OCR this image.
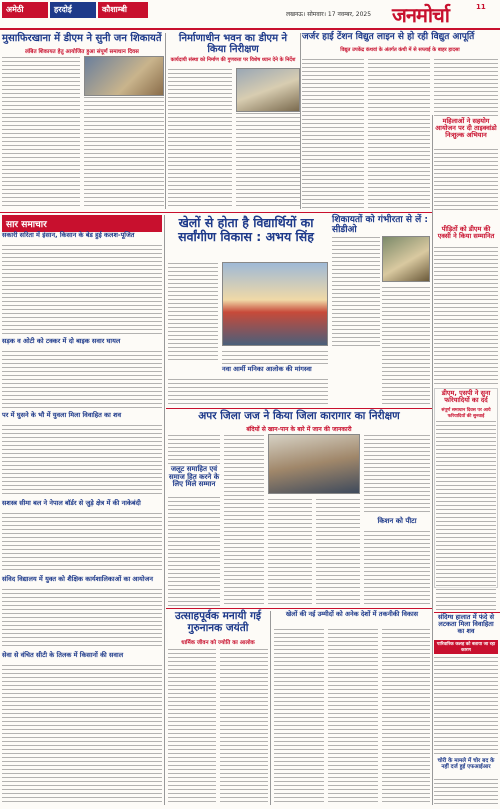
अमेठी	हरदोई	कौशाम्बी
लखनऊ। सोमवार। 17 नवम्बर, 2025 जनमोर्चा	11
मुसाफिरखाना में डीएम ने सुनी जन शिकायतें
लंबित शिकायत हेतु आयोजित हुआ संपूर्ण समाधान दिवस
निर्माणाधीन भवन का डीएम ने किया निरीक्षण
कार्यदायी संस्था को निर्माण की गुणवत्ता पर विशेष ध्यान देने के निर्देश
जर्जर हाई टेंशन विद्युत लाइन से हो रही विद्युत आपूर्ति
विद्युत उपकेंद्र कंथवां के अंतर्गत कंथी में से सप्लाई के बाहर हादसा
महिलाओं ने सहयोग आयोजन पर दी ताइक्वांडो निःशुल्क अभियान
पीड़ितों को डीएम की एक्सी ने किया सम्मानित
सार समाचार
सकारी सरिता में इंसान, किसान के बेड हुई कलश-पूजित
सड़क व ओटी को टक्कर में दो बाइक सवार घायल
पर में घुसने के भौ में युवला मिला विवाहित का शव
सशस्त्र सीमा बल ने नेपाल बॉर्डर से जुड़े क्षेत्र में की नाकेबंदी
संविद विद्यालय में युक्त को शैक्षिक कार्यशालिकाओं का आयोजन
सेवा से वंचित सीटी के तिलक में किसानों की सवाल
खेलों से होता है विद्यार्थियों का सर्वांगीण विकास : अभय सिंह
नवा आर्मी मनिका आलोक की मांगस्वा
शिकायतों को गंभीरता से लें : सीडीओ
अपर जिला जज ने किया जिला कारागार का निरीक्षण
बंदियों से खान-पान के बारे में जान की जानकारी
जलूट समाहित एवं समाज हित करने के लिए मिले सम्मान
किशन को पीटा
उत्साहपूर्वक मनायी गई गुरुनानक जयंती
धार्मिक जीवन को ज्योति का आलोक
खेलों की नई उम्मीदों को अनेक देशों में तकनीकी विकास
डीएम, एसपी ने सुना फरियादियों का दर्द
संपूर्ण समाधान दिवस पर आये फरियादियों की सुनवाई
संदिग्ध हालात में फंदे से लटकता मिला विवाहिता का शव
पारिवारिक कलह को बताया जा रहा कारण
चोरी के मामले में चोर बद के नहीं दर्ज हुई एफआईआर
